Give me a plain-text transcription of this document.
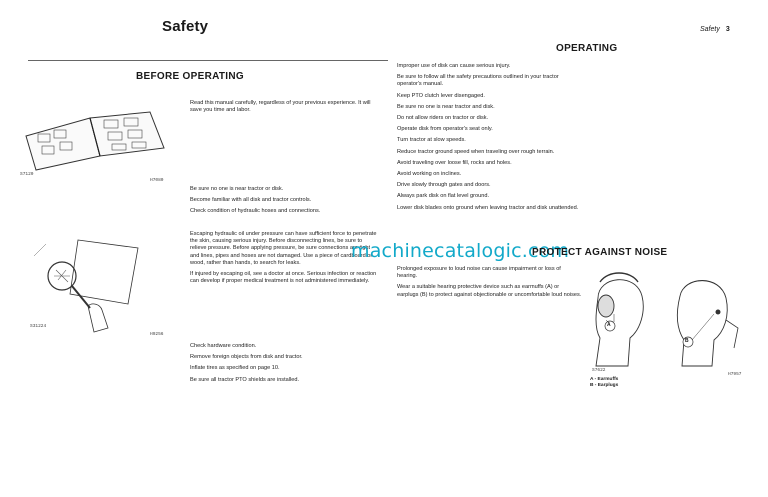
Safety
BEFORE OPERATING
S7120
H7080

Read this manual carefully, regardless of your previous experience. It will save you time and labor.

Be sure no one is near tractor or disk.

Become familiar with all disk and tractor controls.

Check condition of hydraulic hoses and connections.

S31224
H9256

Escaping hydraulic oil under pressure can have sufficient force to penetrate the skin, causing serious injury. Before disconnecting lines, be sure to relieve pressure. Before applying pressure, be sure connections are tight and lines, pipes and hoses are not damaged. Use a piece of cardboard or wood, rather than hands, to search for leaks.

If injured by escaping oil, see a doctor at once. Serious infection or reaction can develop if proper medical treatment is not administered immediately.

Check hardware condition.

Remove foreign objects from disk and tractor.

Inflate tires as specified on page 10.

Be sure all tractor PTO shields are installed.

Safety 3
OPERATING

Improper use of disk can cause serious injury.

Be sure to follow all the safety precautions outlined in your tractor operator's manual.

Keep PTO clutch lever disengaged.

Be sure no one is near tractor and disk.

Do not allow riders on tractor or disk.

Operate disk from operator's seat only.

Turn tractor at slow speeds.

Reduce tractor ground speed when traveling over rough terrain.

Avoid traveling over loose fill, rocks and holes.

Avoid working on inclines.

Drive slowly through gates and doors.

Always park disk on flat level ground.

Lower disk blades onto ground when leaving tractor and disk unattended.

machinecatalogic.com
PROTECT AGAINST NOISE

Prolonged exposure to loud noise can cause impairment or loss of hearing.

Wear a suitable hearing protective device such as earmuffs (A) or earplugs (B) to protect against objectionable or uncomfortable loud noises.

A
B
S7622
H7957
A - Earmuffs
B - Earplugs
